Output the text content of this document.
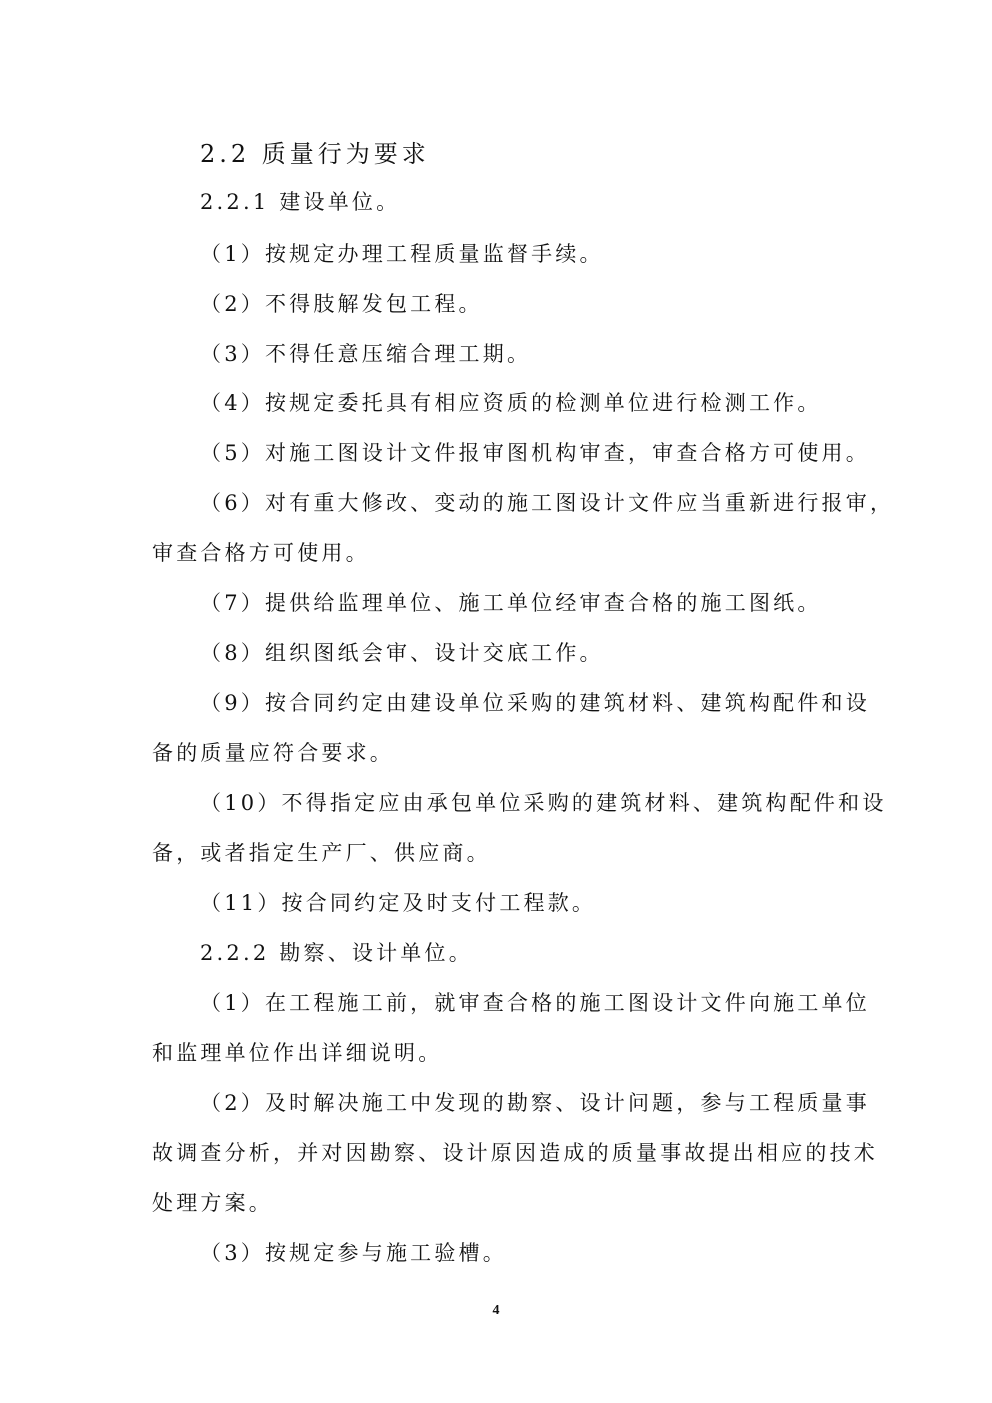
2.2 质量行为要求
2.2.1 建设单位。
（1）按规定办理工程质量监督手续。
（2）不得肢解发包工程。
（3）不得任意压缩合理工期。
（4）按规定委托具有相应资质的检测单位进行检测工作。
（5）对施工图设计文件报审图机构审查，审查合格方可使用。
（6）对有重大修改、变动的施工图设计文件应当重新进行报审，
审查合格方可使用。
（7）提供给监理单位、施工单位经审查合格的施工图纸。
（8）组织图纸会审、设计交底工作。
（9）按合同约定由建设单位采购的建筑材料、建筑构配件和设
备的质量应符合要求。
（10）不得指定应由承包单位采购的建筑材料、建筑构配件和设
备，或者指定生产厂、供应商。
（11）按合同约定及时支付工程款。
2.2.2 勘察、设计单位。
（1）在工程施工前，就审查合格的施工图设计文件向施工单位
和监理单位作出详细说明。
（2）及时解决施工中发现的勘察、设计问题，参与工程质量事
故调查分析，并对因勘察、设计原因造成的质量事故提出相应的技术
处理方案。
（3）按规定参与施工验槽。
4
